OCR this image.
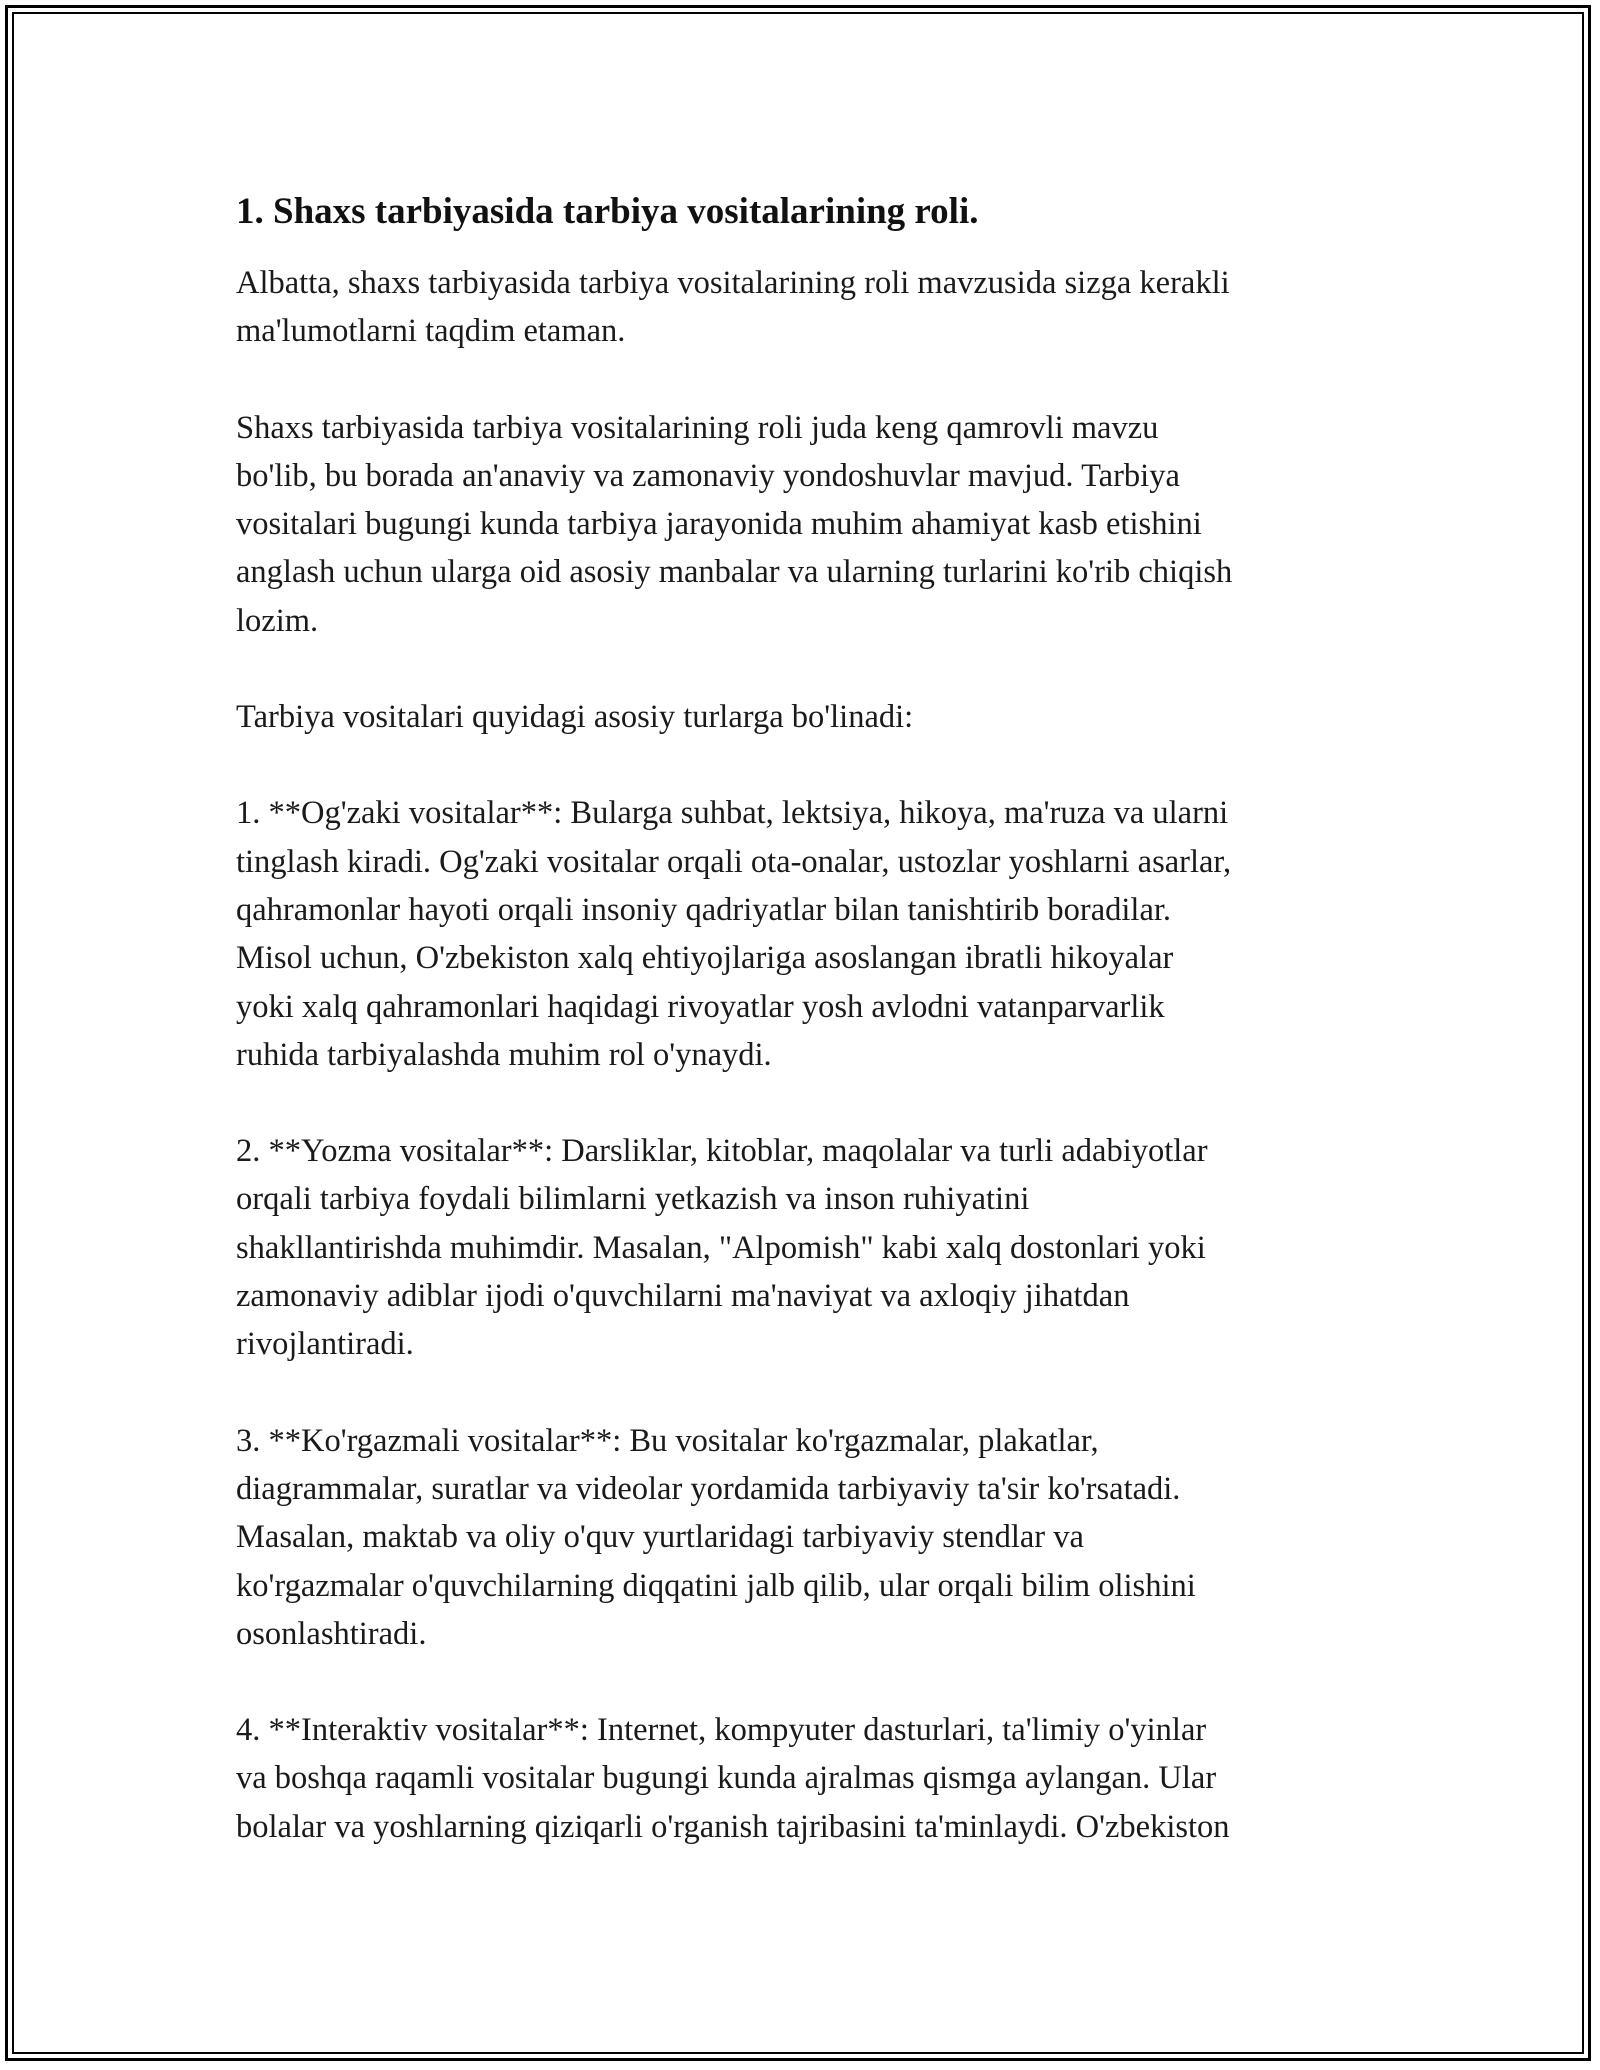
1. Shaxs tarbiyasida tarbiya vositalarining roli.

Albatta, shaxs tarbiyasida tarbiya vositalarining roli mavzusida sizga kerakli
ma'lumotlarni taqdim etaman.

Shaxs tarbiyasida tarbiya vositalarining roli juda keng qamrovli mavzu
bo'lib, bu borada an'anaviy va zamonaviy yondoshuvlar mavjud. Tarbiya
vositalari bugungi kunda tarbiya jarayonida muhim ahamiyat kasb etishini
anglash uchun ularga oid asosiy manbalar va ularning turlarini ko'rib chiqish
lozim.

Tarbiya vositalari quyidagi asosiy turlarga bo'linadi:

1. **Og'zaki vositalar**: Bularga suhbat, lektsiya, hikoya, ma'ruza va ularni
tinglash kiradi. Og'zaki vositalar orqali ota-onalar, ustozlar yoshlarni asarlar,
qahramonlar hayoti orqali insoniy qadriyatlar bilan tanishtirib boradilar.
Misol uchun, O'zbekiston xalq ehtiyojlariga asoslangan ibratli hikoyalar
yoki xalq qahramonlari haqidagi rivoyatlar yosh avlodni vatanparvarlik
ruhida tarbiyalashda muhim rol o'ynaydi.

2. **Yozma vositalar**: Darsliklar, kitoblar, maqolalar va turli adabiyotlar
orqali tarbiya foydali bilimlarni yetkazish va inson ruhiyatini
shakllantirishda muhimdir. Masalan, "Alpomish" kabi xalq dostonlari yoki
zamonaviy adiblar ijodi o'quvchilarni ma'naviyat va axloqiy jihatdan
rivojlantiradi.

3. **Ko'rgazmali vositalar**: Bu vositalar ko'rgazmalar, plakatlar,
diagrammalar, suratlar va videolar yordamida tarbiyaviy ta'sir ko'rsatadi.
Masalan, maktab va oliy o'quv yurtlaridagi tarbiyaviy stendlar va
ko'rgazmalar o'quvchilarning diqqatini jalb qilib, ular orqali bilim olishini
osonlashtiradi.

4. **Interaktiv vositalar**: Internet, kompyuter dasturlari, ta'limiy o'yinlar
va boshqa raqamli vositalar bugungi kunda ajralmas qismga aylangan. Ular
bolalar va yoshlarning qiziqarli o'rganish tajribasini ta'minlaydi. O'zbekiston
